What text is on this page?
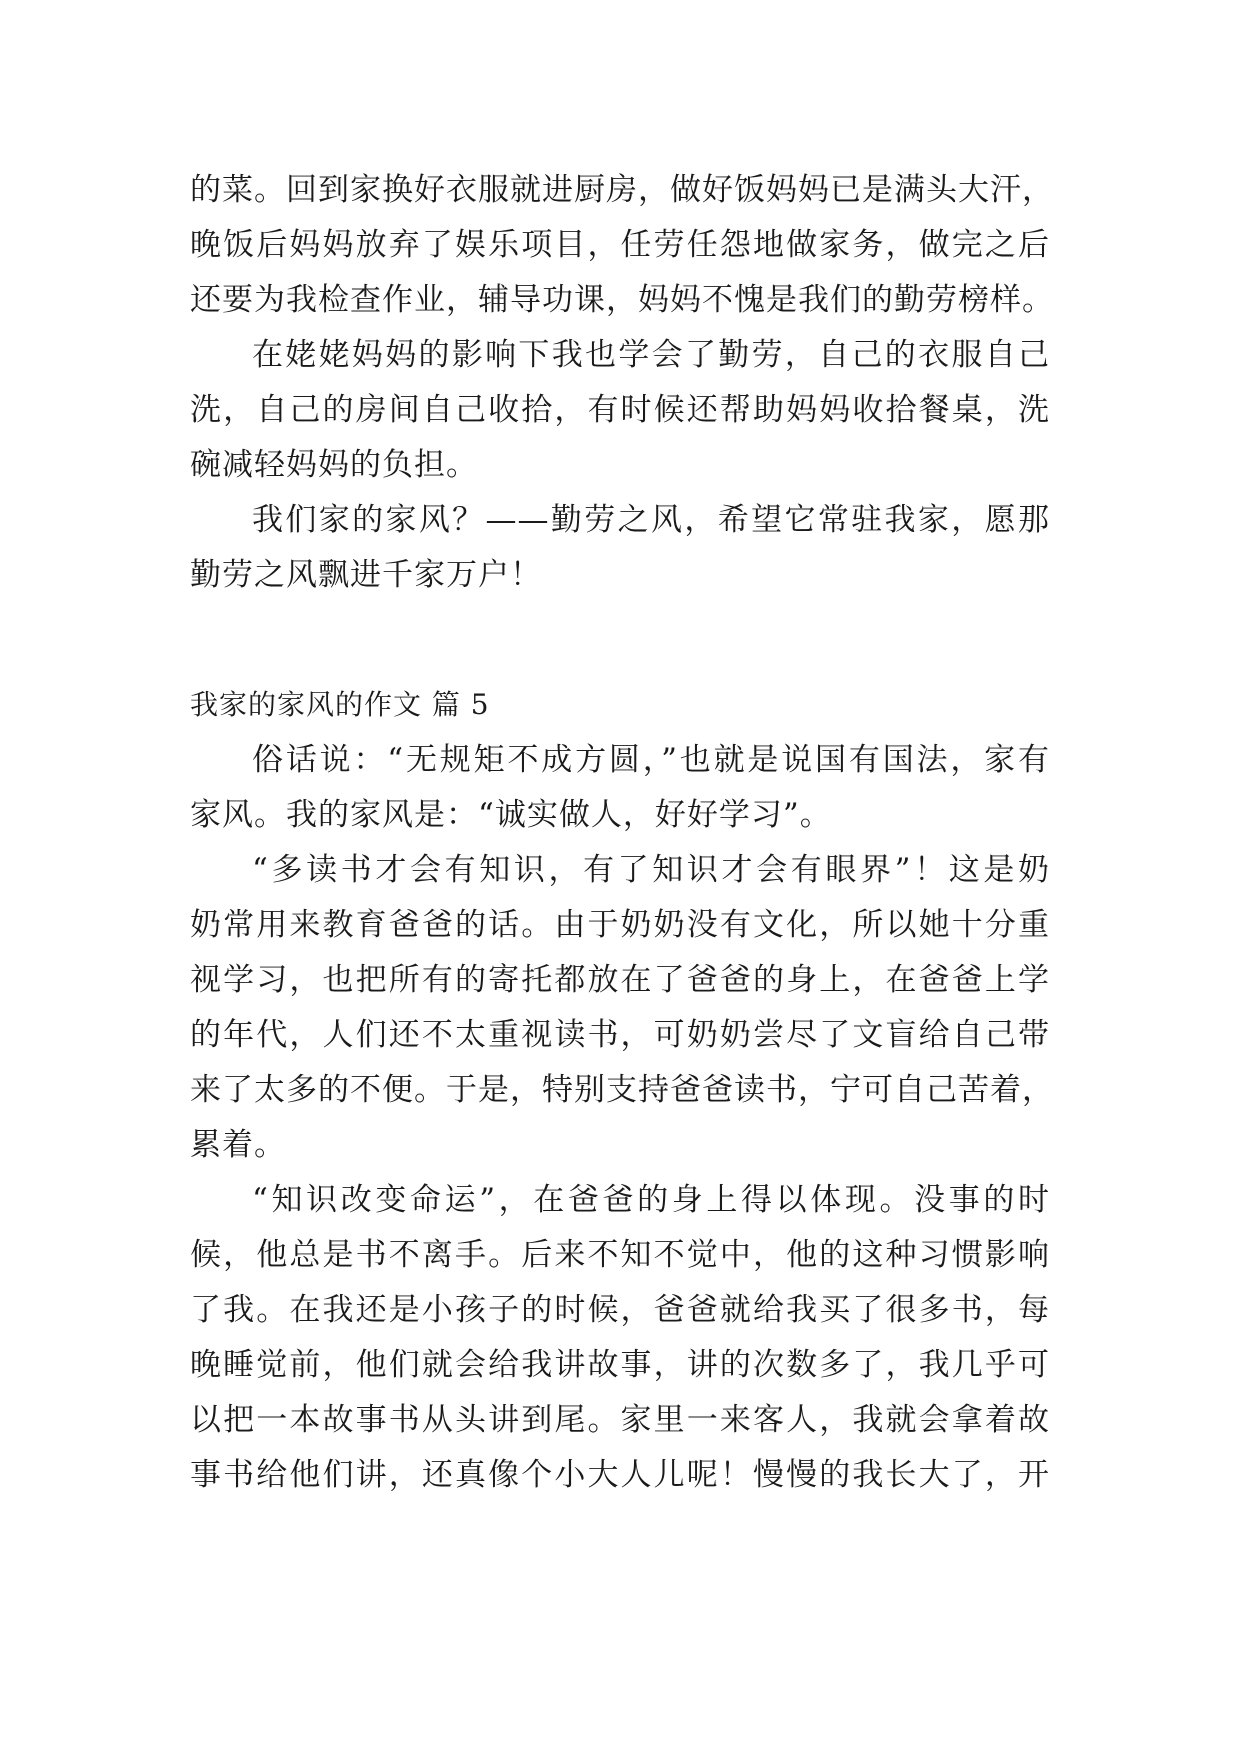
的菜。回到家换好衣服就进厨房，做好饭妈妈已是满头大汗，
晚饭后妈妈放弃了娱乐项目，任劳任怨地做家务，做完之后
还要为我检查作业，辅导功课，妈妈不愧是我们的勤劳榜样。
在姥姥妈妈的影响下我也学会了勤劳，自己的衣服自己
洗，自己的房间自己收拾，有时候还帮助妈妈收拾餐桌，洗
碗减轻妈妈的负担。
我们家的家风？——勤劳之风，希望它常驻我家，愿那
勤劳之风飘进千家万户！
我家的家风的作文 篇 5
俗话说：“无规矩不成方圆，”也就是说国有国法，家有
家风。我的家风是：“诚实做人，好好学习”。
“多读书才会有知识，有了知识才会有眼界”！这是奶
奶常用来教育爸爸的话。由于奶奶没有文化，所以她十分重
视学习，也把所有的寄托都放在了爸爸的身上，在爸爸上学
的年代，人们还不太重视读书，可奶奶尝尽了文盲给自己带
来了太多的不便。于是，特别支持爸爸读书，宁可自己苦着，
累着。
“知识改变命运”，在爸爸的身上得以体现。没事的时
候，他总是书不离手。后来不知不觉中，他的这种习惯影响
了我。在我还是小孩子的时候，爸爸就给我买了很多书，每
晚睡觉前，他们就会给我讲故事，讲的次数多了，我几乎可
以把一本故事书从头讲到尾。家里一来客人，我就会拿着故
事书给他们讲，还真像个小大人儿呢！慢慢的我长大了，开
